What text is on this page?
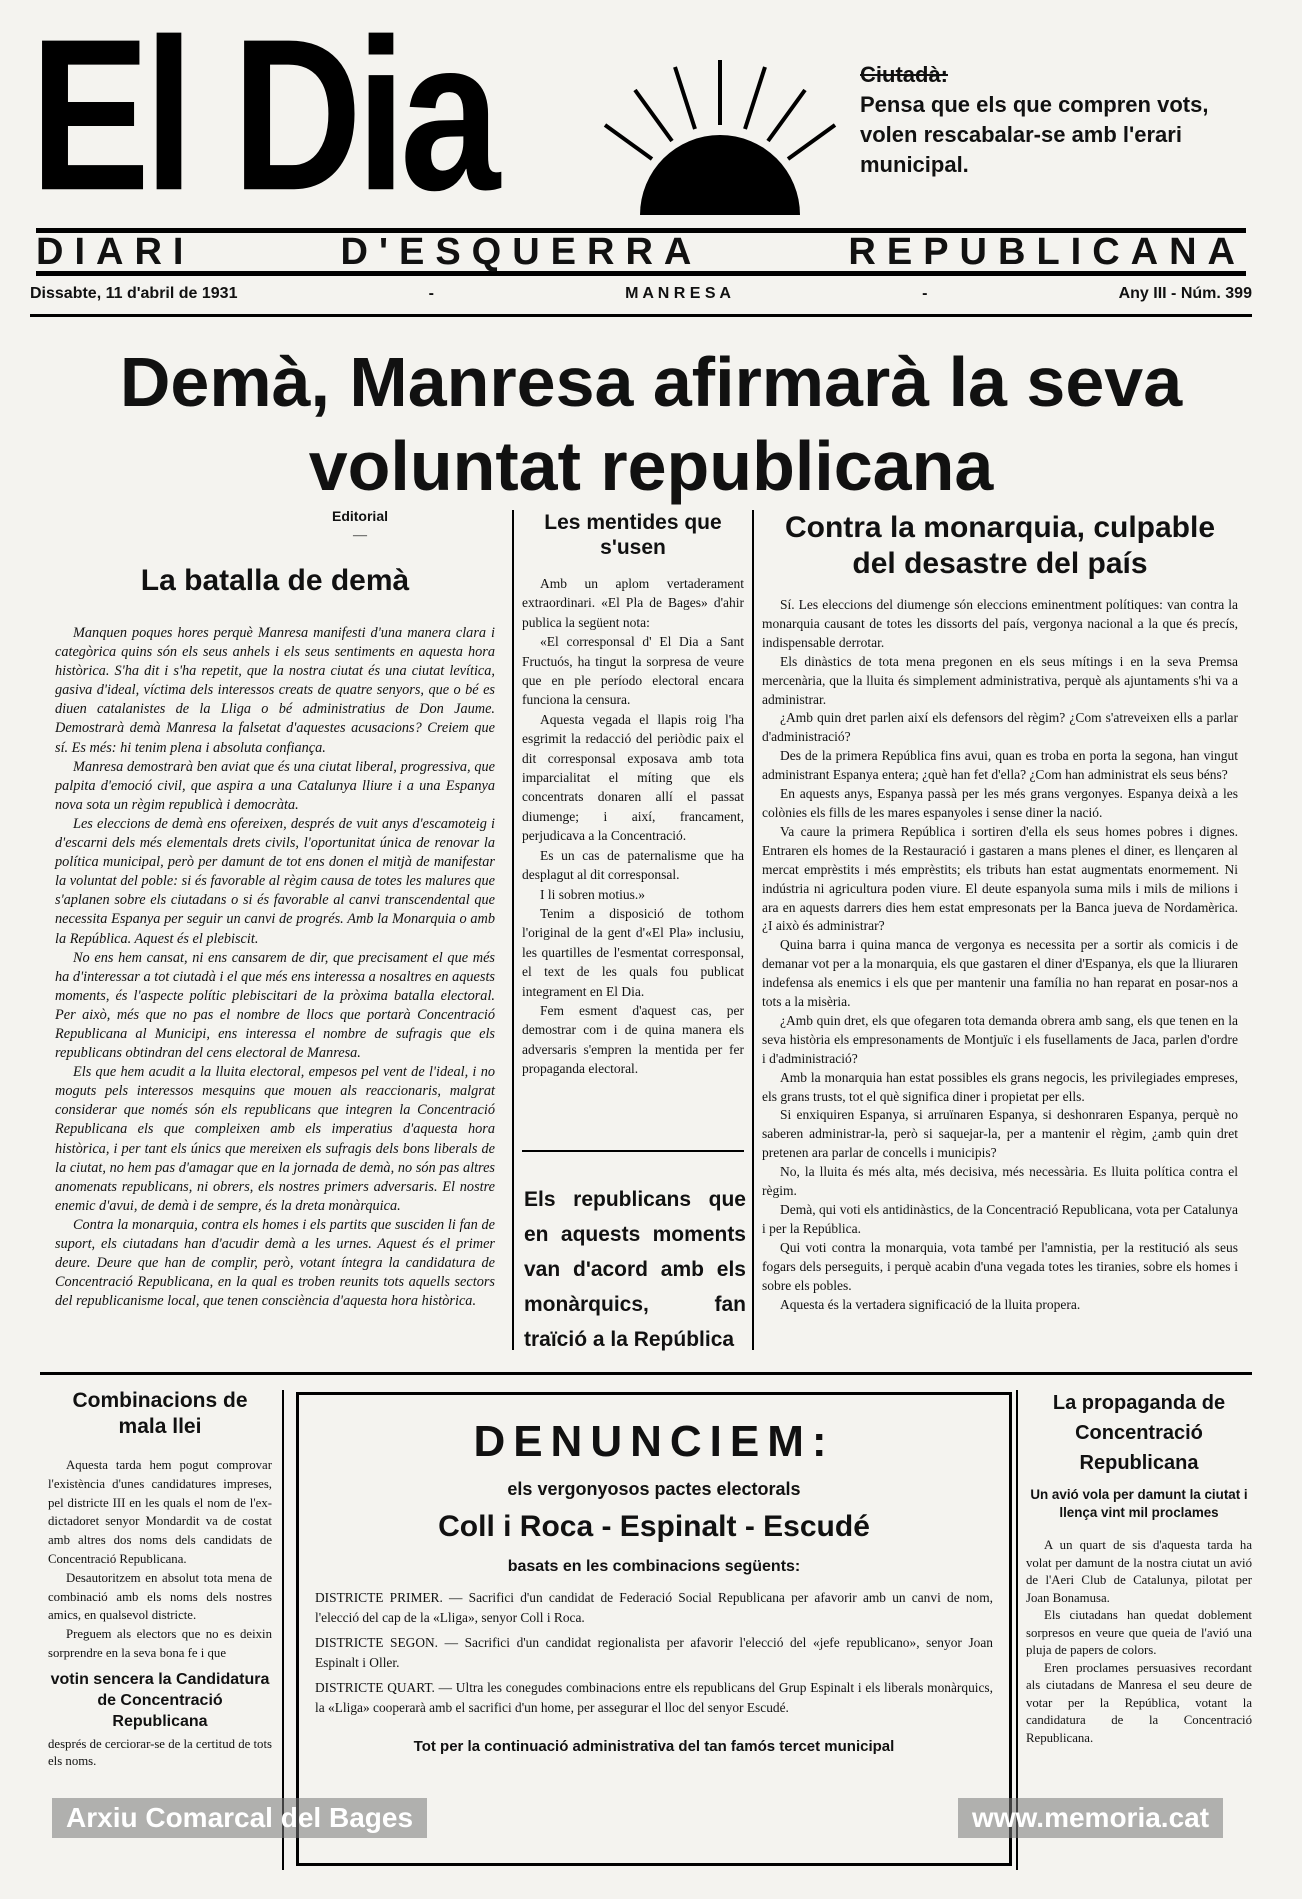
El Dia	Ciutadà:
Pensa que els que compren vots, volen rescabalar-se amb l'erari municipal.
DIARI	D'ESQUERRA	REPUBLICANA
Dissabte, 11 d'abril de 1931	-	M A N R E S A	-	Any III - Núm. 399
Demà, Manresa afirmarà la seva voluntat republicana
Editorial
—
La batalla de demà

Manquen poques hores perquè Manresa manifesti d'una manera clara i categòrica quins són els seus anhels i els seus sentiments en aquesta hora històrica. S'ha dit i s'ha repetit, que la nostra ciutat és una ciutat levítica, gasiva d'ideal, víctima dels interessos creats de quatre senyors, que o bé es diuen catalanistes de la Lliga o bé administratius de Don Jaume. Demostrarà demà Manresa la falsetat d'aquestes acusacions? Creiem que sí. Es més: hi tenim plena i absoluta confiança.

Manresa demostrarà ben aviat que és una ciutat liberal, progressiva, que palpita d'emoció civil, que aspira a una Catalunya lliure i a una Espanya nova sota un règim republicà i democràta.

Les eleccions de demà ens ofereixen, després de vuit anys d'escamoteig i d'escarni dels més elementals drets civils, l'oportunitat única de renovar la política municipal, però per damunt de tot ens donen el mitjà de manifestar la voluntat del poble: si és favorable al règim causa de totes les malures que s'aplanen sobre els ciutadans o si és favorable al canvi transcendental que necessita Espanya per seguir un canvi de progrés. Amb la Monarquia o amb la República. Aquest és el plebiscit.

No ens hem cansat, ni ens cansarem de dir, que precisament el que més ha d'interessar a tot ciutadà i el que més ens interessa a nosaltres en aquests moments, és l'aspecte polític plebiscitari de la pròxima batalla electoral. Per això, més que no pas el nombre de llocs que portarà Concentració Republicana al Municipi, ens interessa el nombre de sufragis que els republicans obtindran del cens electoral de Manresa.

Els que hem acudit a la lluita electoral, empesos pel vent de l'ideal, i no moguts pels interessos mesquins que mouen als reaccionaris, malgrat considerar que només són els republicans que integren la Concentració Republicana els que compleixen amb els imperatius d'aquesta hora històrica, i per tant els únics que mereixen els sufragis dels bons liberals de la ciutat, no hem pas d'amagar que en la jornada de demà, no són pas altres anomenats republicans, ni obrers, els nostres primers adversaris. El nostre enemic d'avui, de demà i de sempre, és la dreta monàrquica.

Contra la monarquia, contra els homes i els partits que susciden li fan de suport, els ciutadans han d'acudir demà a les urnes. Aquest és el primer deure. Deure que han de complir, però, votant íntegra la candidatura de Concentració Republicana, en la qual es troben reunits tots aquells sectors del republicanisme local, que tenen consciència d'aquesta hora històrica.

Les mentides que s'usen

Amb un aplom vertaderament extraordinari. «El Pla de Bages» d'ahir publica la següent nota:

«El corresponsal d' El Dia a Sant Fructuós, ha tingut la sorpresa de veure que en ple período electoral encara funciona la censura.

Aquesta vegada el llapis roig l'ha esgrimit la redacció del periòdic paix el dit corresponsal exposava amb tota imparcialitat el míting que els concentrats donaren allí el passat diumenge; i així, francament, perjudicava a la Concentració.

Es un cas de paternalisme que ha desplagut al dit corresponsal.

I li sobren motius.»

Tenim a disposició de tothom l'original de la gent d'«El Pla» inclusiu, les quartilles de l'esmentat corresponsal, el text de les quals fou publicat integrament en El Dia.

Fem esment d'aquest cas, per demostrar com i de quina manera els adversaris s'empren la mentida per fer propaganda electoral.

Els republicans que en aquests moments van d'acord amb els monàrquics, fan traïció a la República
Contra la monarquia, culpable del desastre del país

Sí. Les eleccions del diumenge són eleccions eminentment polítiques: van contra la monarquia causant de totes les dissorts del país, vergonya nacional a la que és precís, indispensable derrotar.

Els dinàstics de tota mena pregonen en els seus mítings i en la seva Premsa mercenària, que la lluita és simplement administrativa, perquè als ajuntaments s'hi va a administrar.

¿Amb quin dret parlen així els defensors del règim? ¿Com s'atreveixen ells a parlar d'administració?

Des de la primera República fins avui, quan es troba en porta la segona, han vingut administrant Espanya entera; ¿què han fet d'ella? ¿Com han administrat els seus béns?

En aquests anys, Espanya passà per les més grans vergonyes. Espanya deixà a les colònies els fills de les mares espanyoles i sense diner la nació.

Va caure la primera República i sortiren d'ella els seus homes pobres i dignes. Entraren els homes de la Restauració i gastaren a mans plenes el diner, es llençaren al mercat emprèstits i més emprèstits; els tributs han estat augmentats enormement. Ni indústria ni agricultura poden viure. El deute espanyola suma mils i mils de milions i ara en aquests darrers dies hem estat empresonats per la Banca jueva de Nordamèrica. ¿I això és administrar?

Quina barra i quina manca de vergonya es necessita per a sortir als comicis i de demanar vot per a la monarquia, els que gastaren el diner d'Espanya, els que la lliuraren indefensa als enemics i els que per mantenir una família no han reparat en posar-nos a tots a la misèria.

¿Amb quin dret, els que ofegaren tota demanda obrera amb sang, els que tenen en la seva història els empresonaments de Montjuïc i els fusellaments de Jaca, parlen d'ordre i d'administració?

Amb la monarquia han estat possibles els grans negocis, les privilegiades empreses, els grans trusts, tot el què significa diner i propietat per ells.

Si enxiquiren Espanya, si arruïnaren Espanya, si deshonraren Espanya, perquè no saberen administrar-la, però si saquejar-la, per a mantenir el règim, ¿amb quin dret pretenen ara parlar de concells i municipis?

No, la lluita és més alta, més decisiva, més necessària. Es lluita política contra el règim.

Demà, qui voti els antidinàstics, de la Concentració Republicana, vota per Catalunya i per la República.

Qui voti contra la monarquia, vota també per l'amnistia, per la restitució als seus fogars dels perseguits, i perquè acabin d'una vegada totes les tiranies, sobre els homes i sobre els pobles.

Aquesta és la vertadera significació de la lluita propera.

Combinacions de mala llei

Aquesta tarda hem pogut comprovar l'existència d'unes candidatures impreses, pel districte III en les quals el nom de l'ex-dictadoret senyor Mondardit va de costat amb altres dos noms dels candidats de Concentració Republicana.

Desautoritzem en absolut tota mena de combinació amb els noms dels nostres amics, en qualsevol districte.

Preguem als electors que no es deixin sorprendre en la seva bona fe i que

votin sencera la Candidatura de Concentració Republicana
després de cerciorar-se de la certitud de tots els noms.
DENUNCIEM:
els vergonyosos pactes electorals
Coll i Roca - Espinalt - Escudé
basats en les combinacions següents:
DISTRICTE PRIMER. — Sacrifici d'un candidat de Federació Social Republicana per afavorir amb un canvi de nom, l'elecció del cap de la «Lliga», senyor Coll i Roca.
DISTRICTE SEGON. — Sacrifici d'un candidat regionalista per afavorir l'elecció del «jefe republicano», senyor Joan Espinalt i Oller.
DISTRICTE QUART. — Ultra les conegudes combinacions entre els republicans del Grup Espinalt i els liberals monàrquics, la «Lliga» cooperarà amb el sacrifici d'un home, per assegurar el lloc del senyor Escudé.
Tot per la continuació administrativa del tan famós tercet municipal
La propaganda de Concentració Republicana
Un avió vola per damunt la ciutat i llença vint mil proclames

A un quart de sis d'aquesta tarda ha volat per damunt de la nostra ciutat un avió de l'Aeri Club de Catalunya, pilotat per Joan Bonamusa.

Els ciutadans han quedat doblement sorpresos en veure que queia de l'avió una pluja de papers de colors.

Eren proclames persuasives recordant als ciutadans de Manresa el seu deure de votar per la República, votant la candidatura de la Concentració Republicana.

Arxiu Comarcal del Bages	www.memoria.cat
